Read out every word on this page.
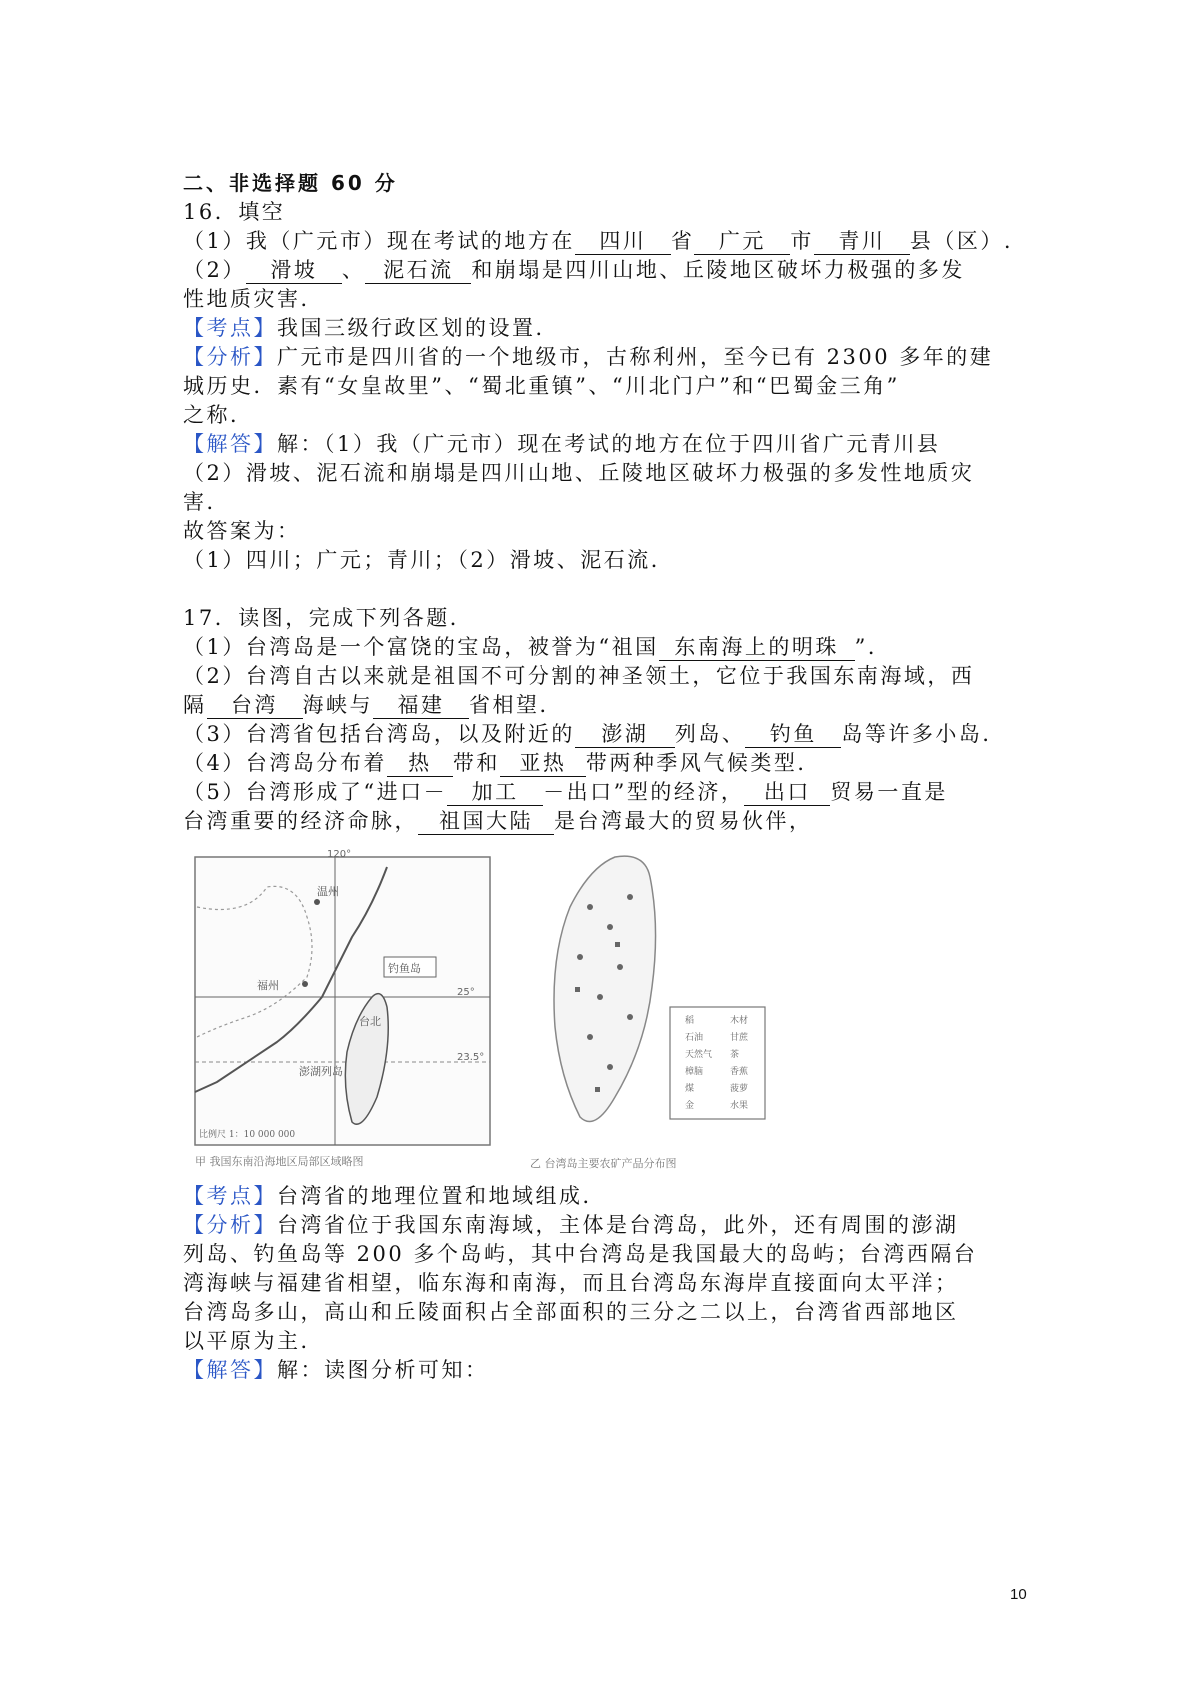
二、非选择题 60 分
16．填空
（1）我（广元市）现在考试的地方在 四川 省 广元 市 青川 县（区）.
（2） 滑坡 、 泥石流 和崩塌是四川山地、丘陵地区破坏力极强的多发
性地质灾害．
【考点】我国三级行政区划的设置．
【分析】广元市是四川省的一个地级市，古称利州，至今已有 2300 多年的建
城历史．素有“女皇故里”、“蜀北重镇”、“川北门户”和“巴蜀金三角”
之称．
【解答】解：（1）我（广元市）现在考试的地方在位于四川省广元青川县
（2）滑坡、泥石流和崩塌是四川山地、丘陵地区破坏力极强的多发性地质灾
害．
故答案为：
（1）四川；广元；青川；（2）滑坡、泥石流．
17．读图，完成下列各题．
（1）台湾岛是一个富饶的宝岛，被誉为“祖国 东南海上的明珠 ”．
（2）台湾自古以来就是祖国不可分割的神圣领土，它位于我国东南海域，西
隔 台湾 海峡与 福建 省相望．
（3）台湾省包括台湾岛，以及附近的 澎湖 列岛、 钓鱼 岛等许多小岛．
（4）台湾岛分布着 热 带和 亚热 带两种季风气候类型．
（5）台湾形成了“进口－ 加工 －出口”型的经济， 出口 贸易一直是
台湾重要的经济命脉， 祖国大陆 是台湾最大的贸易伙伴，
120°
25°
23.5°
温州
福州
台北
钓鱼岛
澎湖列岛
比例尺 1：10 000 000
甲 我国东南沿海地区局部区域略图
稻	木材
石油	甘蔗
天然气 茶
樟脑	香蕉
煤	菠萝
金	水果
乙 台湾岛主要农矿产品分布图
【考点】台湾省的地理位置和地域组成．
【分析】台湾省位于我国东南海域，主体是台湾岛，此外，还有周围的澎湖
列岛、钓鱼岛等 200 多个岛屿，其中台湾岛是我国最大的岛屿；台湾西隔台
湾海峡与福建省相望，临东海和南海，而且台湾岛东海岸直接面向太平洋；
台湾岛多山，高山和丘陵面积占全部面积的三分之二以上，台湾省西部地区
以平原为主．
【解答】解：读图分析可知：
10
